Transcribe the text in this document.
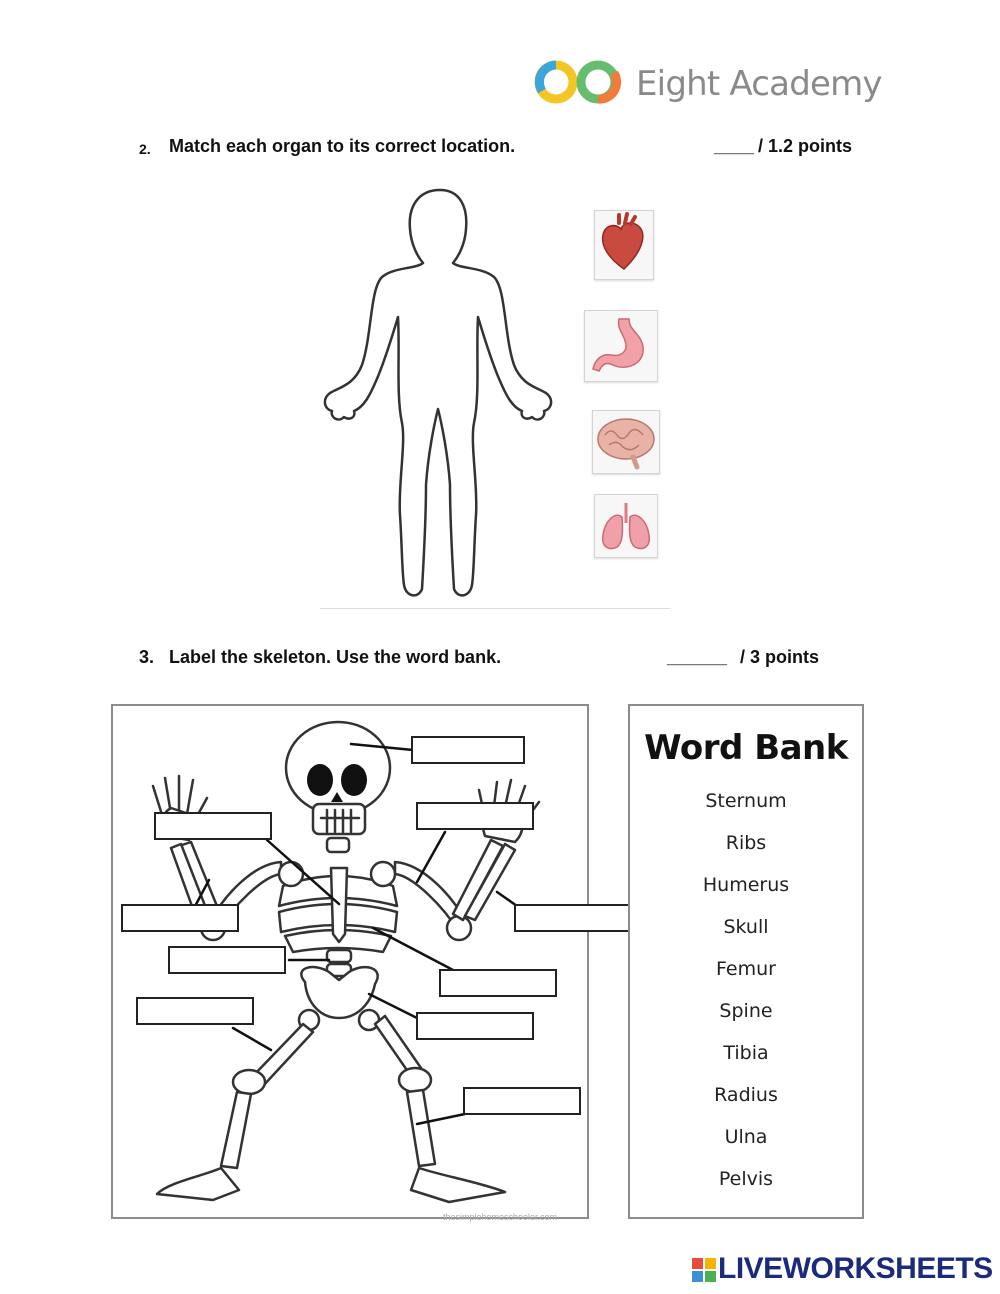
Eight Academy
2. Match each organ to its correct location.	____ / 1.2 points
3. Label the skeleton. Use the word bank.	______ / 3 points
thesimplehomeschooler.com
Word Bank
Sternum
Ribs
Humerus
Skull
Femur
Spine
Tibia
Radius
Ulna
Pelvis
LIVEWORKSHEETS
